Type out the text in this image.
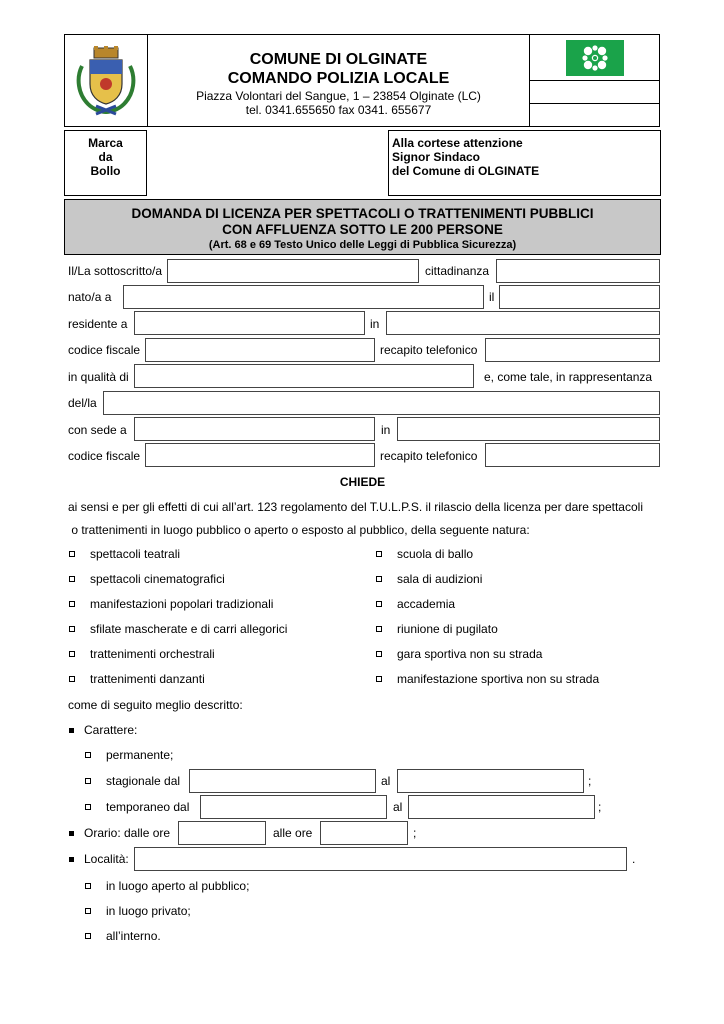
COMUNE DI OLGINATE
COMANDO POLIZIA LOCALE
Piazza Volontari del Sangue, 1 – 23854 Olginate (LC)
tel. 0341.655650 fax 0341. 655677
Marca
da
Bollo
Alla cortese attenzione
Signor Sindaco
del Comune di OLGINATE
DOMANDA DI LICENZA PER SPETTACOLI O TRATTENIMENTI PUBBLICI
CON AFFLUENZA SOTTO LE 200 PERSONE
(Art. 68 e 69 Testo Unico delle Leggi di Pubblica Sicurezza)
Il/La sottoscritto/a	cittadinanza
nato/a a	il
residente a	in
codice fiscale	recapito telefonico
in qualità di	e, come tale, in rappresentanza
del/la
con sede a	in
codice fiscale	recapito telefonico
CHIEDE
ai sensi e per gli effetti di cui all’art. 123 regolamento del T.U.L.P.S. il rilascio della licenza per dare spettacoli
o trattenimenti in luogo pubblico o aperto o esposto al pubblico, della seguente natura:
spettacoli teatrali
spettacoli cinematografici
manifestazioni popolari tradizionali
sfilate mascherate e di carri allegorici
trattenimenti orchestrali
trattenimenti danzanti
scuola di ballo
sala di audizioni
accademia
riunione di pugilato
gara sportiva non su strada
manifestazione sportiva non su strada
come di seguito meglio descritto:
Carattere:
permanente;
stagionale dal	al	;
temporaneo dal	al	;
Orario: dalle ore	alle ore	;
Località:	.
in luogo aperto al pubblico;
in luogo privato;
all’interno.
